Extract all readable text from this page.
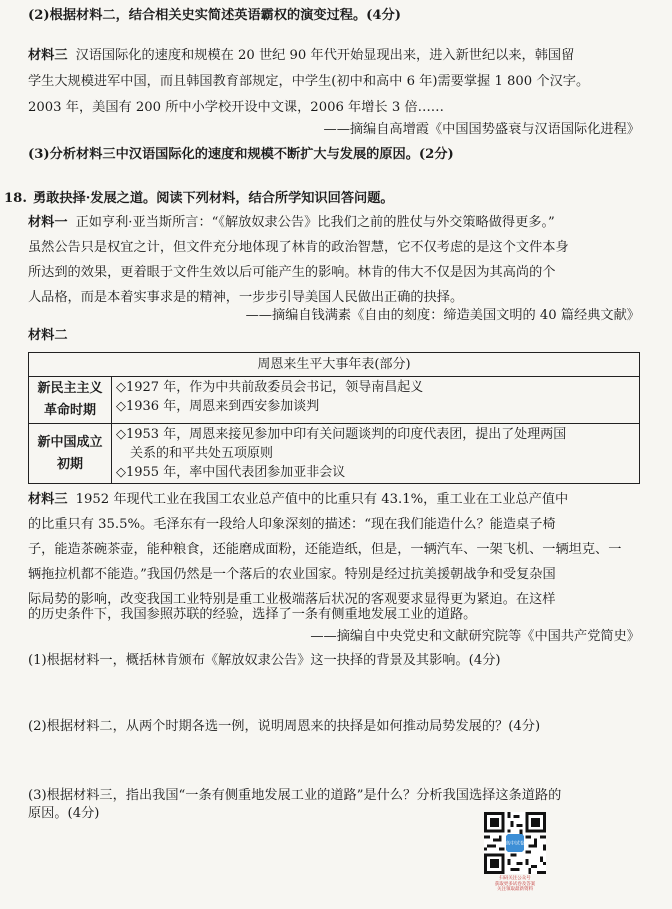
(2)根据材料二，结合相关史实简述英语霸权的演变过程。(4分)
材料三 汉语国际化的速度和规模在 20 世纪 90 年代开始显现出来，进入新世纪以来，韩国留
学生大规模进军中国，而且韩国教育部规定，中学生(初中和高中 6 年)需要掌握 1 800 个汉字。
2003 年，美国有 200 所中小学校开设中文课，2006 年增长 3 倍……
——摘编自高增霞《中国国势盛衰与汉语国际化进程》
(3)分析材料三中汉语国际化的速度和规模不断扩大与发展的原因。(2分)
18. 勇敢抉择·发展之道。阅读下列材料，结合所学知识回答问题。
材料一 正如亨利·亚当斯所言：“《解放奴隶公告》比我们之前的胜仗与外交策略做得更多。”
虽然公告只是权宜之计，但文件充分地体现了林肯的政治智慧，它不仅考虑的是这个文件本身
所达到的效果，更着眼于文件生效以后可能产生的影响。林肯的伟大不仅是因为其高尚的个
人品格，而是本着实事求是的精神，一步步引导美国人民做出正确的抉择。
——摘编自钱满素《自由的刻度：缔造美国文明的 40 篇经典文献》
材料二
周恩来生平大事年表(部分)	

新民主主义
革命时期	◇1927 年，作为中共前敌委员会书记，领导南昌起义
◇1936 年，周恩来到西安参加谈判

新中国成立
初期	◇1953 年，周恩来接见参加中印有关问题谈判的印度代表团，提出了处理两国
关系的和平共处五项原则
◇1955 年，率中国代表团参加亚非会议
材料三 1952 年现代工业在我国工农业总产值中的比重只有 43.1%，重工业在工业总产值中
的比重只有 35.5%。毛泽东有一段给人印象深刻的描述：“现在我们能造什么？能造桌子椅
子，能造茶碗茶壶，能种粮食，还能磨成面粉，还能造纸，但是，一辆汽车、一架飞机、一辆坦克、一
辆拖拉机都不能造。”我国仍然是一个落后的农业国家。特别是经过抗美援朝战争和受复杂国
际局势的影响，改变我国工业特别是重工业极端落后状况的客观要求显得更为紧迫。在这样
的历史条件下，我国参照苏联的经验，选择了一条有侧重地发展工业的道路。
——摘编自中央党史和文献研究院等《中国共产党简史》
(1)根据材料一，概括林肯颁布《解放奴隶公告》这一抉择的背景及其影响。(4分)
(2)根据材料二，从两个时期各选一例，说明周恩来的抉择是如何推动局势发展的？(4分)
(3)根据材料三，指出我国“一条有侧重地发展工业的道路”是什么？分析我国选择这条道路的
原因。(4分)
高中试卷
扫码关注公众号
获取更多试卷及答案
关注领取最新资料
